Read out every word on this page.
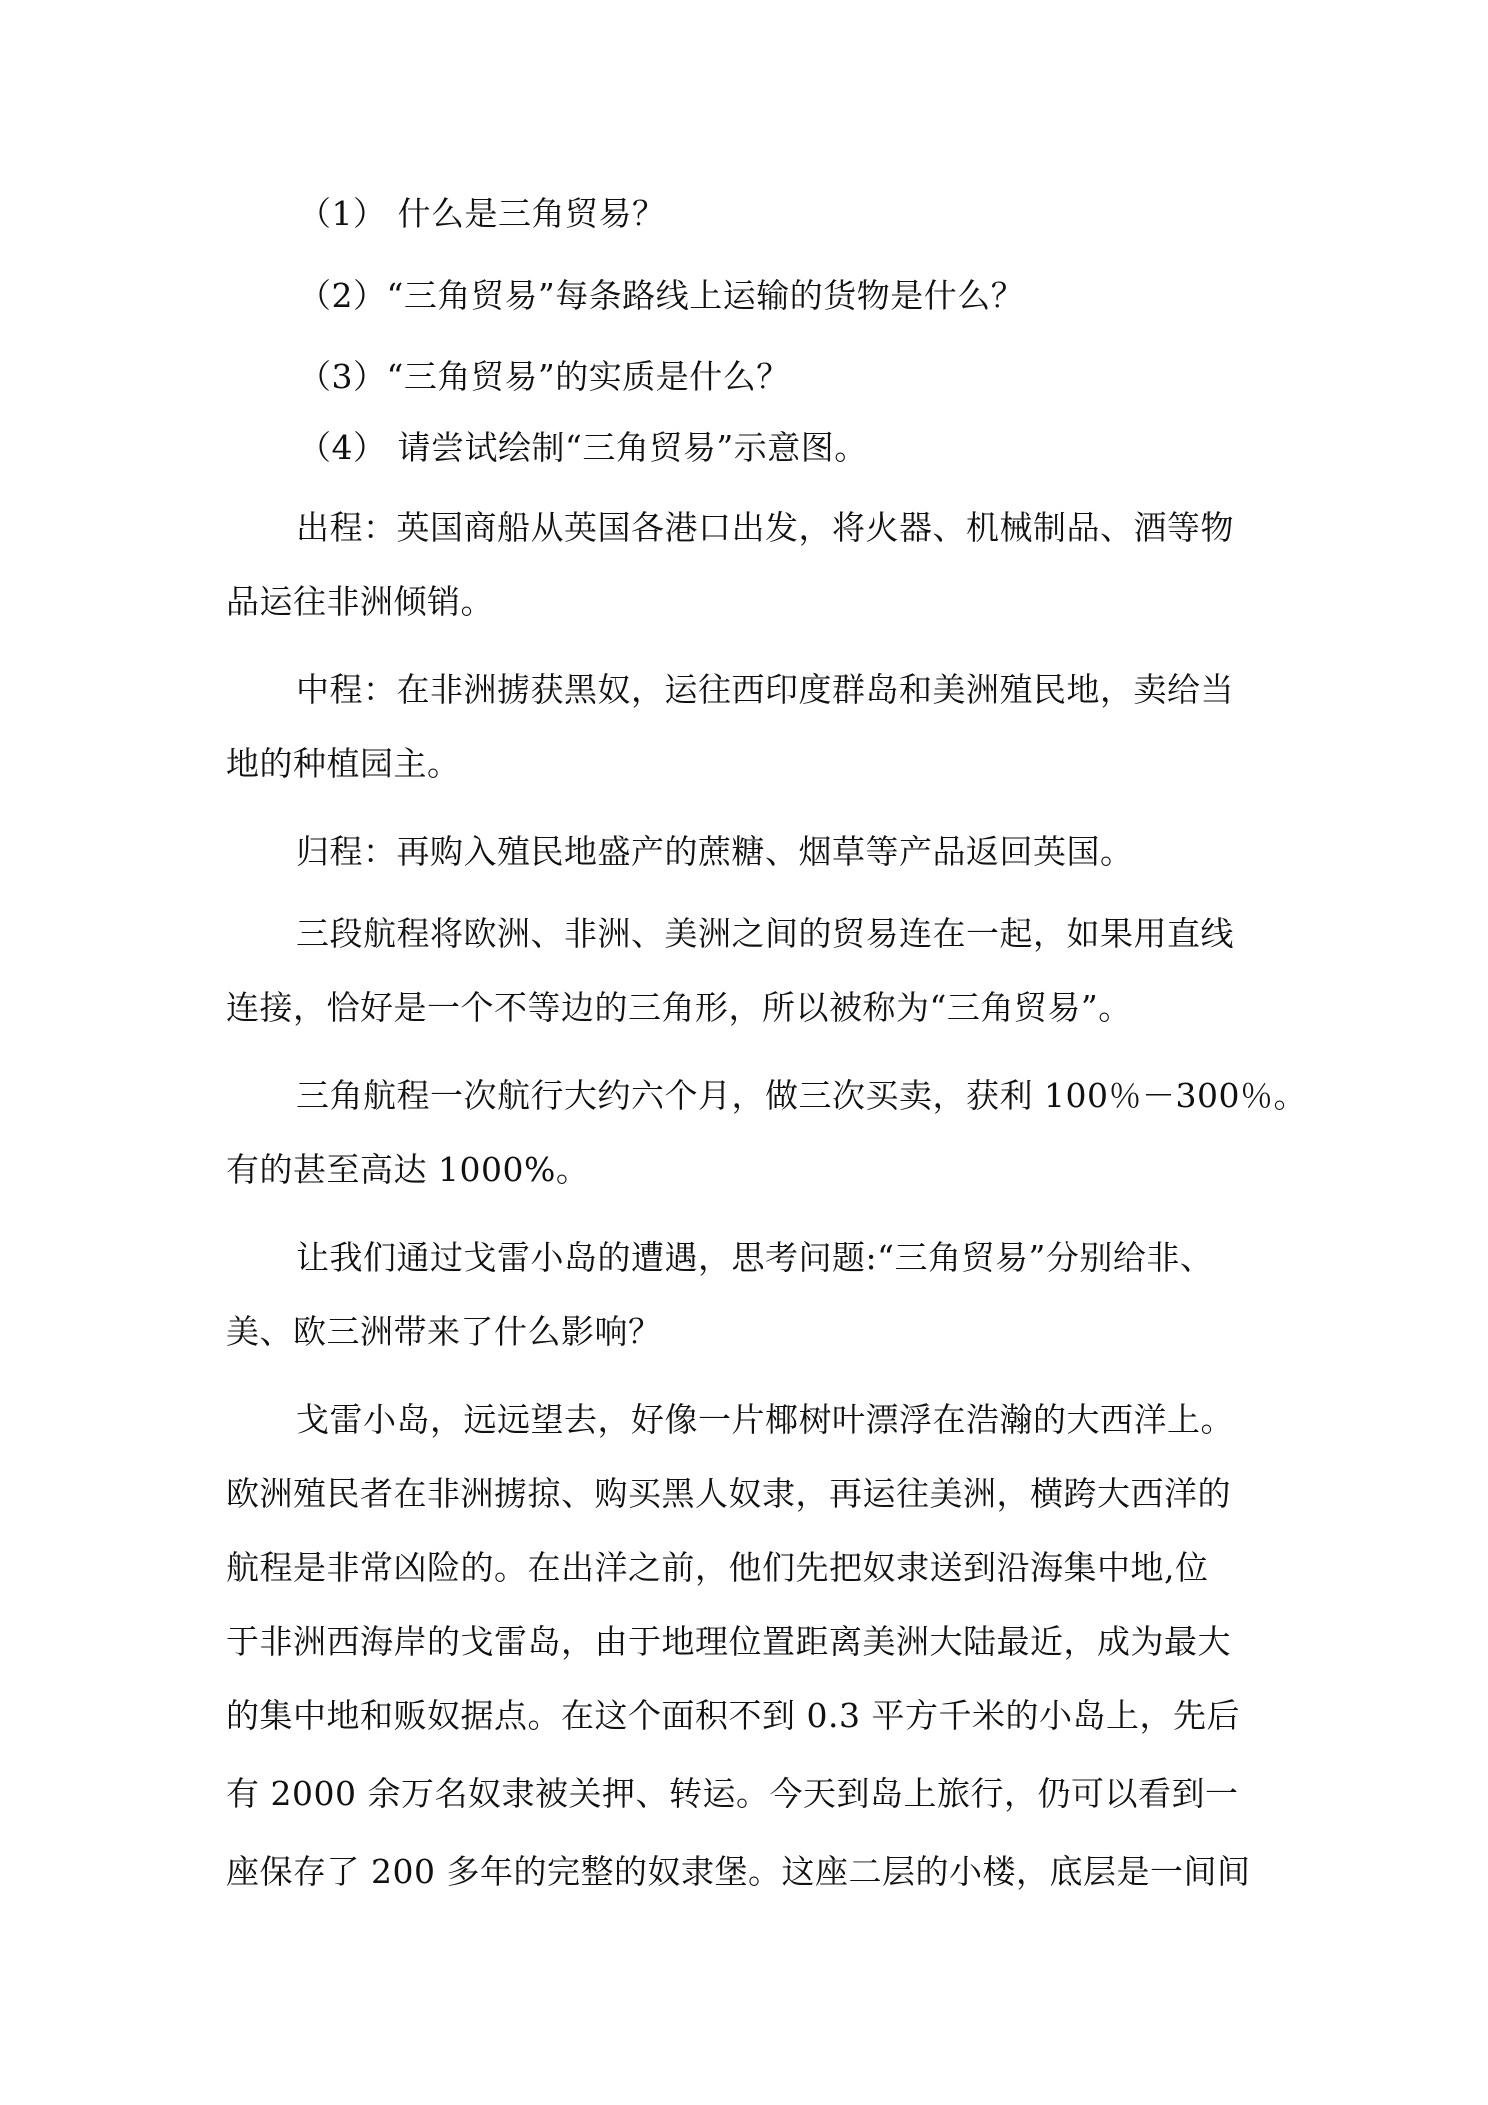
（1） 什么是三角贸易？
（2）“三角贸易”每条路线上运输的货物是什么？
（3）“三角贸易”的实质是什么？
（4） 请尝试绘制“三角贸易”示意图。
出程：英国商船从英国各港口出发，将火器、机械制品、酒等物
品运往非洲倾销。
中程：在非洲掳获黑奴，运往西印度群岛和美洲殖民地，卖给当
地的种植园主。
归程：再购入殖民地盛产的蔗糖、烟草等产品返回英国。
三段航程将欧洲、非洲、美洲之间的贸易连在一起，如果用直线
连接，恰好是一个不等边的三角形，所以被称为“三角贸易”。
三角航程一次航行大约六个月，做三次买卖，获利 100％－300％。
有的甚至高达 1000%。
让我们通过戈雷小岛的遭遇，思考问题:“三角贸易”分别给非、
美、欧三洲带来了什么影响？
戈雷小岛，远远望去，好像一片椰树叶漂浮在浩瀚的大西洋上。
欧洲殖民者在非洲掳掠、购买黑人奴隶，再运往美洲，横跨大西洋的
航程是非常凶险的。在出洋之前，他们先把奴隶送到沿海集中地,位
于非洲西海岸的戈雷岛，由于地理位置距离美洲大陆最近，成为最大
的集中地和贩奴据点。在这个面积不到 0.3 平方千米的小岛上，先后
有 2000 余万名奴隶被关押、转运。今天到岛上旅行，仍可以看到一
座保存了 200 多年的完整的奴隶堡。这座二层的小楼，底层是一间间
